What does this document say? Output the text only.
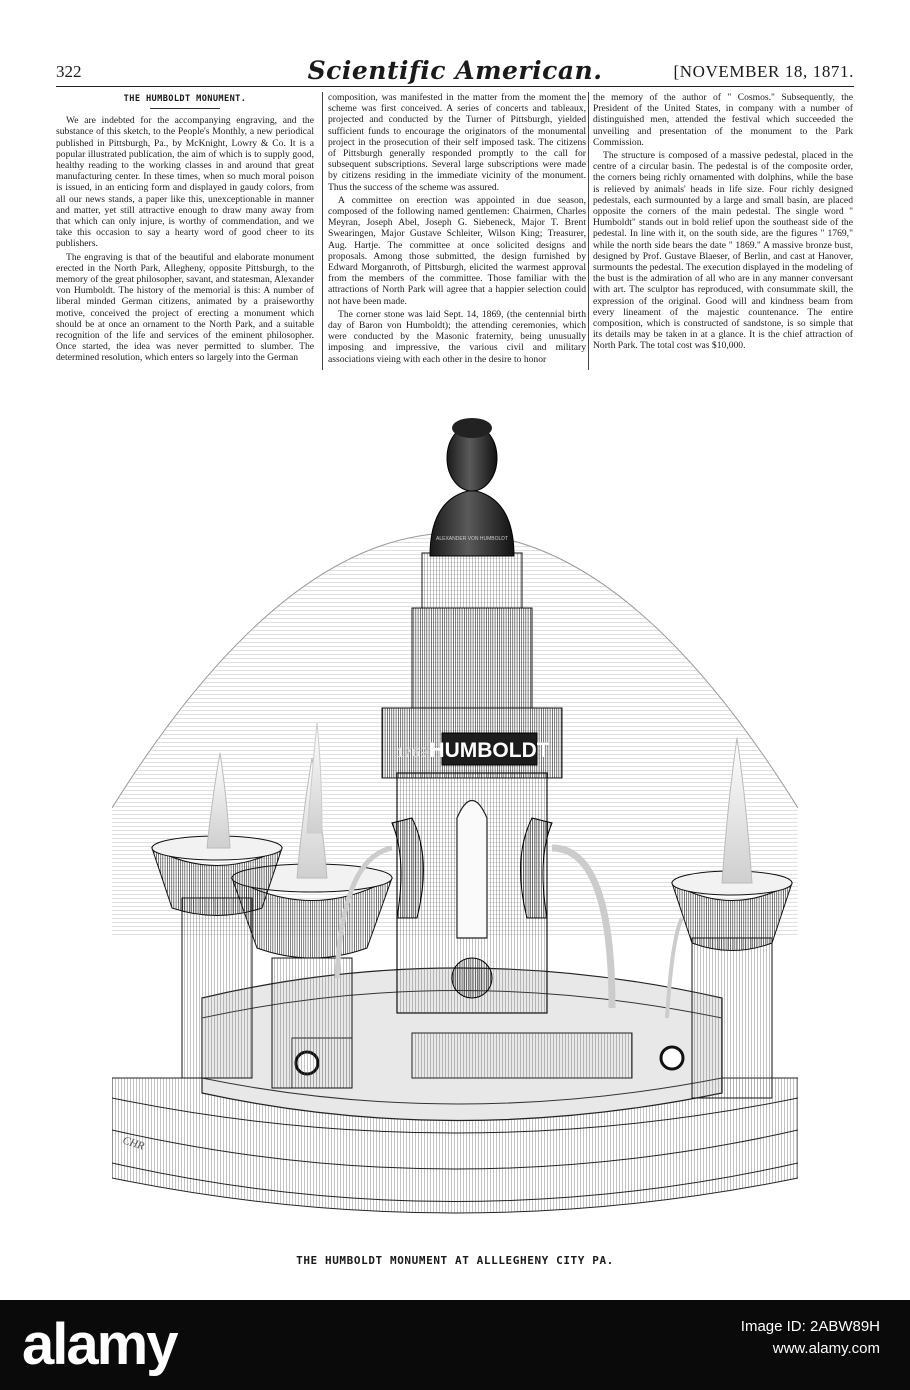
322	Scientific American.	[NOVEMBER 18, 1871.
THE HUMBOLDT MONUMENT.

We are indebted for the accompanying engraving, and the substance of this sketch, to the People's Monthly, a new periodical published in Pittsburgh, Pa., by McKnight, Lowry & Co. It is a popular illustrated publication, the aim of which is to supply good, healthy reading to the working classes in and around that great manufacturing center. In these times, when so much moral poison is issued, in an enticing form and displayed in gaudy colors, from all our news stands, a paper like this, unexceptionable in manner and matter, yet still attractive enough to draw many away from that which can only injure, is worthy of commendation, and we take this occasion to say a hearty word of good cheer to its publishers.

The engraving is that of the beautiful and elaborate monument erected in the North Park, Allegheny, opposite Pittsburgh, to the memory of the great philosopher, savant, and statesman, Alexander von Humboldt. The history of the memorial is this: A number of liberal minded German citizens, animated by a praiseworthy motive, conceived the project of erecting a monument which should be at once an ornament to the North Park, and a suitable recognition of the life and services of the eminent philosopher. Once started, the idea was never permitted to slumber. The determined resolution, which enters so largely into the German

composition, was manifested in the matter from the moment the scheme was first conceived. A series of concerts and tableaux, projected and conducted by the Turner of Pittsburgh, yielded sufficient funds to encourage the originators of the monumental project in the prosecution of their self imposed task. The citizens of Pittsburgh generally responded promptly to the call for subsequent subscriptions. Several large subscriptions were made by citizens residing in the immediate vicinity of the monument. Thus the success of the scheme was assured.

A committee on erection was appointed in due season, composed of the following named gentlemen: Chairmen, Charles Meyran, Joseph Abel, Joseph G. Siebeneck, Major T. Brent Swearingen, Major Gustave Schleiter, Wilson King; Treasurer, Aug. Hartje. The committee at once solicited designs and proposals. Among those submitted, the design furnished by Edward Morganroth, of Pittsburgh, elicited the warmest approval from the members of the committee. Those familiar with the attractions of North Park will agree that a happier selection could not have been made.

The corner stone was laid Sept. 14, 1869, (the centennial birth day of Baron von Humboldt); the attending ceremonies, which were conducted by the Masonic fraternity, being unusually imposing and impressive, the various civil and military associations vieing with each other in the desire to honor

the memory of the author of " Cosmos." Subsequently, the President of the United States, in company with a number of distinguished men, attended the festival which succeeded the unveiling and presentation of the monument to the Park Commission.

The structure is composed of a massive pedestal, placed in the centre of a circular basin. The pedestal is of the composite order, the corners being richly ornamented with dolphins, while the base is relieved by animals' heads in life size. Four richly designed pedestals, each surmounted by a large and small basin, are placed opposite the corners of the main pedestal. The single word " Humboldt" stands out in bold relief upon the southeast side of the pedestal. In line with it, on the south side, are the figures " 1769," while the north side bears the date " 1869." A massive bronze bust, designed by Prof. Gustave Blaeser, of Berlin, and cast at Hanover, surmounts the pedestal. The execution displayed in the modeling of the bust is the admiration of all who are in any manner conversant with art. The sculptor has reproduced, with consummate skill, the expression of the original. Good will and kindness beam from every lineament of the majestic countenance. The entire composition, which is constructed of sandstone, is so simple that its details may be taken in at a glance. It is the chief attraction of North Park. The total cost was $10,000.

HUMBOLDT
1769
ALEXANDER VON HUMBOLDT
CHR
THE HUMBOLDT MONUMENT AT ALLLEGHENY CITY PA.
alamy	Image ID: 2ABW89H
www.alamy.com
